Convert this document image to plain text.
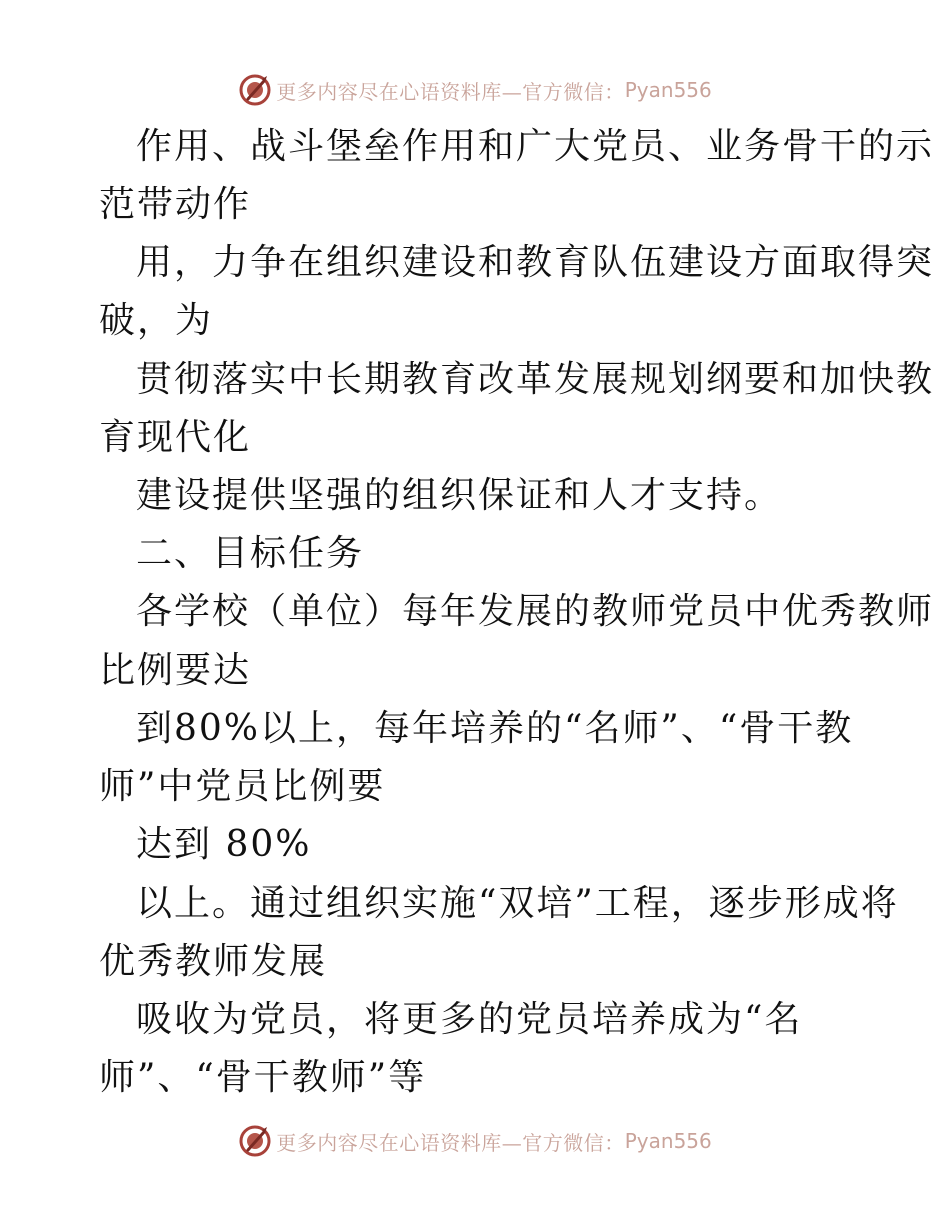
更多内容尽在心语资料库—官方微信： Pyan556
作用、战斗堡垒作用和广大党员、业务骨干的示
范带动作
用，力争在组织建设和教育队伍建设方面取得突
破，为
贯彻落实中长期教育改革发展规划纲要和加快教
育现代化
建设提供坚强的组织保证和人才支持。
二、目标任务
各学校（单位）每年发展的教师党员中优秀教师
比例要达
到80%以上，每年培养的“名师”、“骨干教
师”中党员比例要
达到 80%
以上。通过组织实施“双培”工程，逐步形成将
优秀教师发展
吸收为党员，将更多的党员培养成为“名
师”、“骨干教师”等
更多内容尽在心语资料库—官方微信： Pyan556
